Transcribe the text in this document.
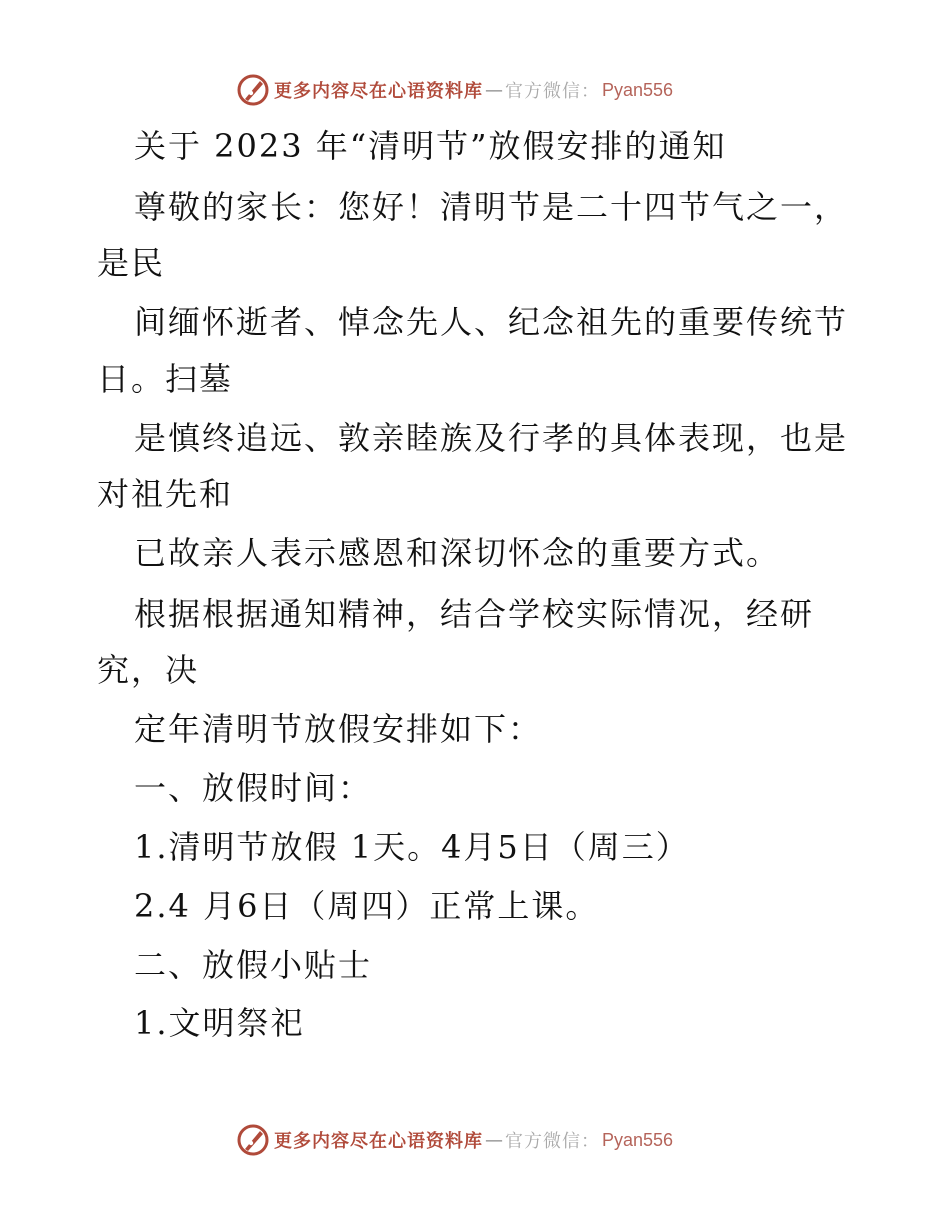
更多内容尽在心语资料库 — 官方微信： Pyan556
关于 2023 年“清明节”放假安排的通知
尊敬的家长：您好！清明节是二十四节气之一，
是民
间缅怀逝者、悼念先人、纪念祖先的重要传统节
日。扫墓
是慎终追远、敦亲睦族及行孝的具体表现，也是
对祖先和
已故亲人表示感恩和深切怀念的重要方式。
根据根据通知精神，结合学校实际情况，经研
究，决
定年清明节放假安排如下：
一、放假时间：
1.清明节放假 1天。4月5日（周三）
2.4 月6日（周四）正常上课。
二、放假小贴士
1.文明祭祀
更多内容尽在心语资料库 — 官方微信： Pyan556
